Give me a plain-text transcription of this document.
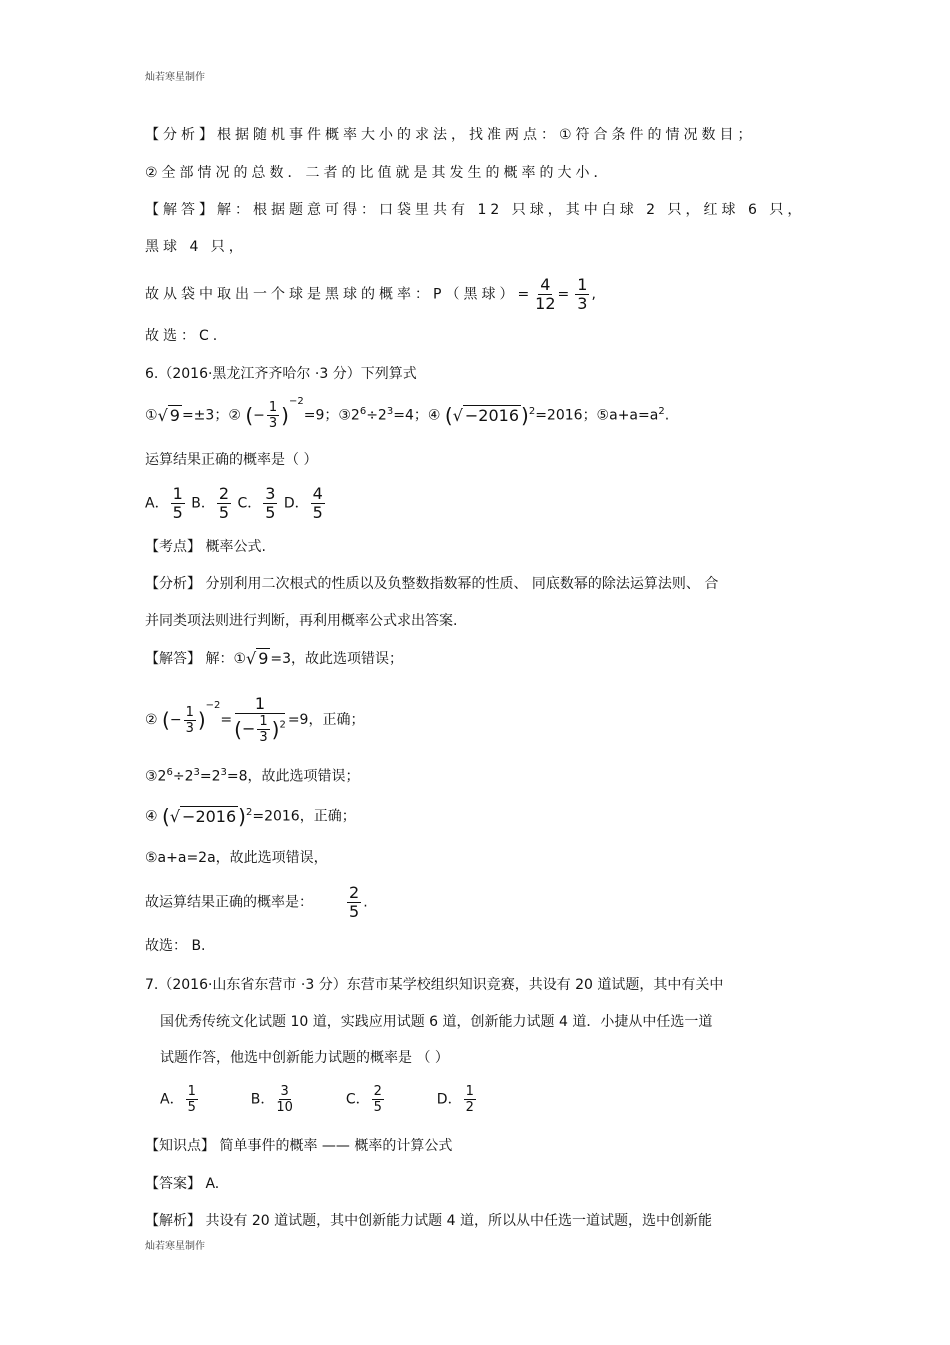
灿若寒星制作
【分析】根据随机事件概率大小的求法，找准两点：①符合条件的情况数目；
②全部情况的总数．二者的比值就是其发生的概率的大小．
【解答】解：根据题意可得：口袋里共有 12 只球，其中白球 2 只，红球 6 只，
黑球 4 只，
故从袋中取出一个球是黑球的概率：P（黑球）= $\frac{4}{12} = \frac{1}{3}$ ,
故选：C.
6.（2016·黑龙江齐齐哈尔 ·3 分）下列算式
①√ 9 =±3；② (− $\frac{1}{3} )^{-2}=9$；$③2^6\div 2^3=4$；④ (√ −2016 )$^2$=2016；$⑤a+a=a^2$.
运算结果正确的概率是（ ）
A． $\frac{1}{5}$ B． $\frac{2}{5}$ C． $\frac{3}{5}$ D． $\frac{4}{5}$
【考点】 概率公式.
【分析】 分别利用二次根式的性质以及负整数指数幂的性质、 同底数幂的除法运算法则、 合
并同类项法则进行判断，再利用概率公式求出答案.
【解答】 解：①√ 9 =3，故此选项错误；
② (− $\frac{1}{3} )^{-2}= \frac{1}{(- \frac{1}{3} )^2} =9$，正确；
$③2^6\div 2^3=2^3=8$，故此选项错误；
④ (√ −2016 )$^2$=2016，正确；
⑤a+a=2a，故此选项错误，
故运算结果正确的概率是： $\frac{2}{5}$ .
故选： B.
7.（2016·山东省东营市 ·3 分）东营市某学校组织知识竞赛，共设有 20 道试题，其中有关中
国优秀传统文化试题 10 道，实践应用试题 6 道，创新能力试题 4 道．小捷从中任选一道
试题作答，他选中创新能力试题的概率是 （ ）
A． $\frac{1}{5}$	B． $\frac{3}{10}$	C． $\frac{2}{5}$	D． $\frac{1}{2}$
【知识点】 简单事件的概率 —— 概率的计算公式
【答案】 A.
【解析】 共设有 20 道试题，其中创新能力试题 4 道，所以从中任选一道试题，选中创新能
灿若寒星制作
